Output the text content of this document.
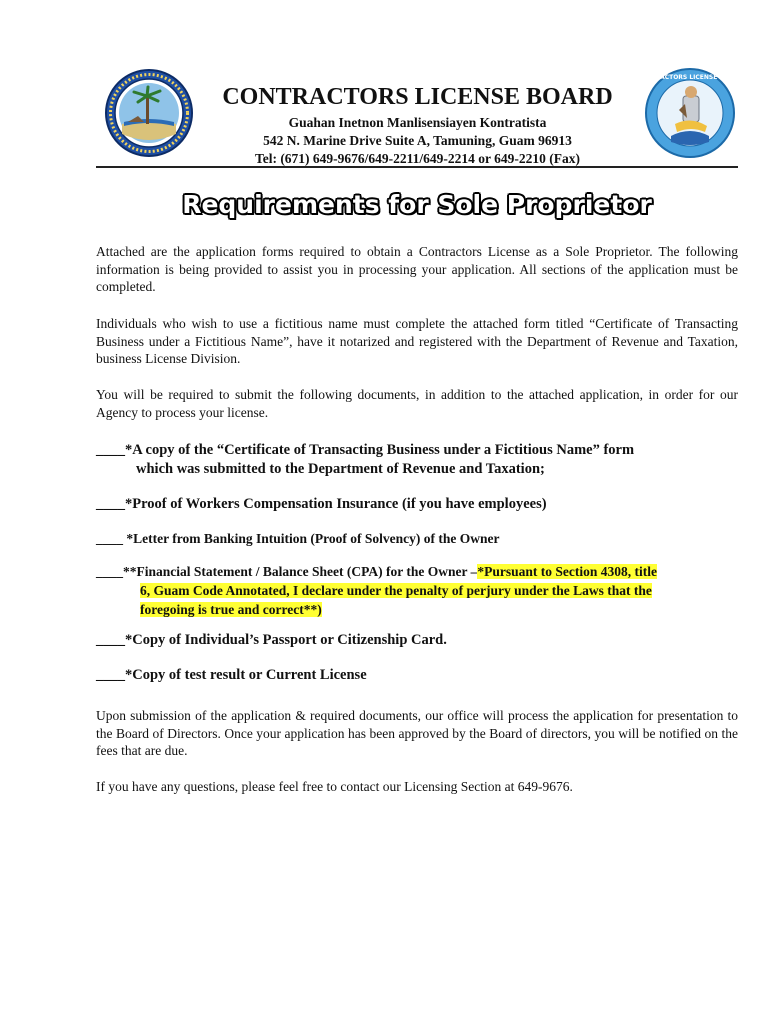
CONTRACTORS LICENSE BOARD
CONTRACTORS LICENSE BOARD
Guahan Inetnon Manlisensiayen Kontratista
542 N. Marine Drive Suite A, Tamuning, Guam 96913
Tel: (671) 649-9676/649-2211/649-2214 or 649-2210 (Fax)
Requirements for Sole Proprietor
Attached are the application forms required to obtain a Contractors License as a Sole Proprietor. The following information is being provided to assist you in processing your application. All sections of the application must be completed.
Individuals who wish to use a fictitious name must complete the attached form titled “Certificate of Transacting Business under a Fictitious Name”, have it notarized and registered with the Department of Revenue and Taxation, business License Division.
You will be required to submit the following documents, in addition to the attached application, in order for our Agency to process your license.
____*A copy of the “Certificate of Transacting Business under a Fictitious Name” form
which was submitted to the Department of Revenue and Taxation;
____*Proof of Workers Compensation Insurance (if you have employees)
____ *Letter from Banking Intuition (Proof of Solvency) of the Owner
____**Financial Statement / Balance Sheet (CPA) for the Owner –*Pursuant to Section 4308, title
6, Guam Code Annotated, I declare under the penalty of perjury under the Laws that the
foregoing is true and correct**)
____*Copy of Individual’s Passport or Citizenship Card.
____*Copy of test result or Current License
Upon submission of the application & required documents, our office will process the application for presentation to the Board of Directors. Once your application has been approved by the Board of directors, you will be notified on the fees that are due.
If you have any questions, please feel free to contact our Licensing Section at 649-9676.
